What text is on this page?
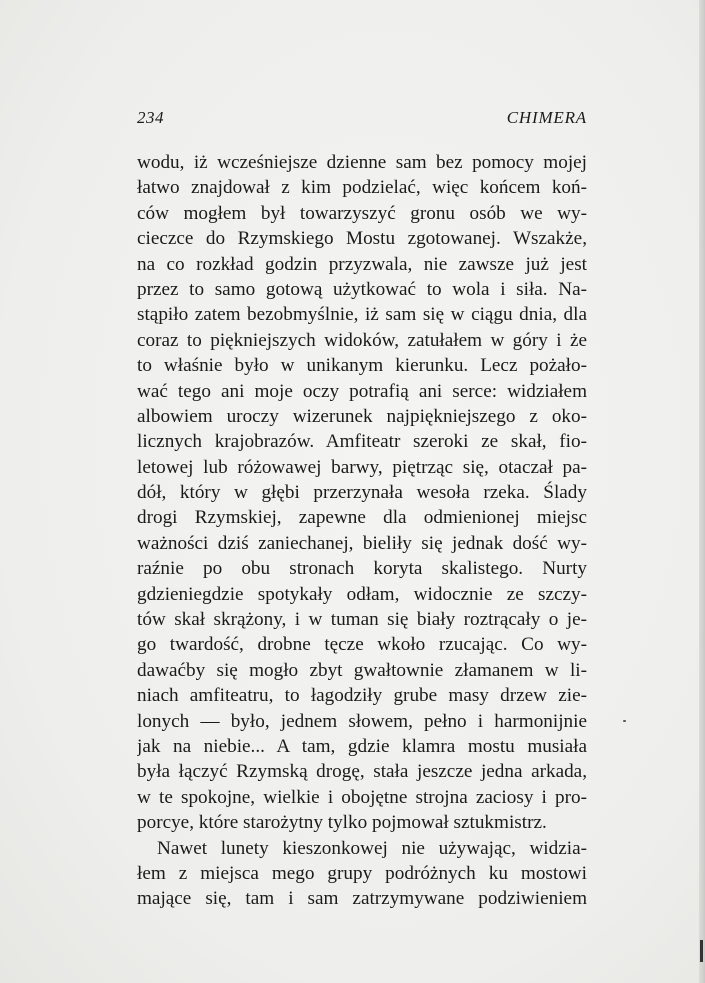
234	CHIMERA
wodu, iż wcześniejsze dzienne sam bez pomocy mojej
łatwo znajdował z kim podzielać, więc końcem koń-
ców mogłem był towarzyszyć gronu osób we wy-
cieczce do Rzymskiego Mostu zgotowanej. Wszakże,
na co rozkład godzin przyzwala, nie zawsze już jest
przez to samo gotową użytkować to wola i siła. Na-
stąpiło zatem bezobmyślnie, iż sam się w ciągu dnia, dla
coraz to piękniejszych widoków, zatułałem w góry i że
to właśnie było w unikanym kierunku. Lecz pożało-
wać tego ani moje oczy potrafią ani serce: widziałem
albowiem uroczy wizerunek najpiękniejszego z oko-
licznych krajobrazów. Amfiteatr szeroki ze skał, fio-
letowej lub różowawej barwy, piętrząc się, otaczał pa-
dół, który w głębi przerzynała wesoła rzeka. Ślady
drogi Rzymskiej, zapewne dla odmienionej miejsc
ważności dziś zaniechanej, bieliły się jednak dość wy-
raźnie po obu stronach koryta skalistego. Nurty
gdzieniegdzie spotykały odłam, widocznie ze szczy-
tów skał skrążony, i w tuman się biały roztrącały o je-
go twardość, drobne tęcze wkoło rzucając. Co wy-
dawaćby się mogło zbyt gwałtownie złamanem w li-
niach amfiteatru, to łagodziły grube masy drzew zie-
lonych — było, jednem słowem, pełno i harmonijnie
jak na niebie... A tam, gdzie klamra mostu musiała
była łączyć Rzymską drogę, stała jeszcze jedna arkada,
w te spokojne, wielkie i obojętne strojna zaciosy i pro-
porcye, które starożytny tylko pojmował sztukmistrz.
Nawet lunety kieszonkowej nie używając, widzia-
łem z miejsca mego grupy podróżnych ku mostowi
mające się, tam i sam zatrzymywane podziwieniem
